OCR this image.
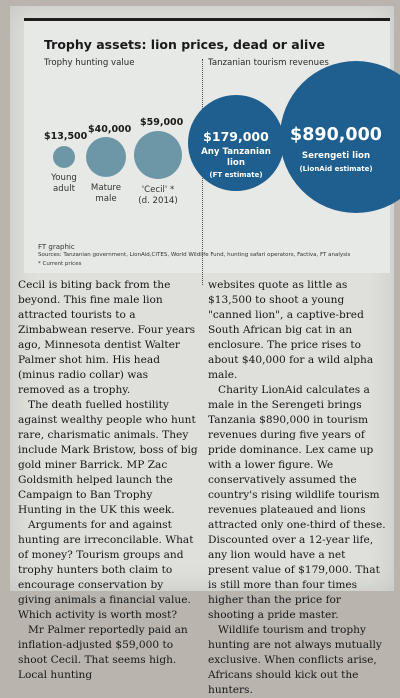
Trophy assets: lion prices, dead or alive
Trophy hunting value	Tanzanian tourism revenues
$13,500
Young
adult
$40,000
Mature
male
$59,000
'Cecil' *
(d. 2014)
$179,000
Any Tanzanian
lion
(FT estimate)
$890,000
Serengeti lion
(LionAid estimate)
FT graphic
Sources: Tanzanian government, LionAid,CITES, World Wildlife Fund, hunting safari operators, Factiva, FT analysis
* Current prices

Cecil is biting back from the beyond. This fine male lion attracted tourists to a Zimbabwean reserve. Four years ago, Minnesota dentist Walter Palmer shot him. His head (minus radio collar) was removed as a trophy.

The death fuelled hostility against wealthy people who hunt rare, charismatic animals. They include Mark Bristow, boss of big gold miner Barrick. MP Zac Goldsmith helped launch the Campaign to Ban Trophy Hunting in the UK this week.

Arguments for and against hunting are irreconcilable. What of money? Tourism groups and trophy hunters both claim to encourage conservation by giving animals a financial value. Which activity is worth most?

Mr Palmer reportedly paid an inflation-adjusted $59,000 to shoot Cecil. That seems high. Local hunting

websites quote as little as $13,500 to shoot a young "canned lion", a captive-bred South African big cat in an enclosure. The price rises to about $40,000 for a wild alpha male.

Charity LionAid calculates a male in the Serengeti brings Tanzania $890,000 in tourism revenues during five years of pride dominance. Lex came up with a lower figure. We conservatively assumed the country's rising wildlife tourism revenues plateaued and lions attracted only one-third of these. Discounted over a 12-year life, any lion would have a net present value of $179,000. That is still more than four times higher than the price for shooting a pride master.

Wildlife tourism and trophy hunting are not always mutually exclusive. When conflicts arise, Africans should kick out the hunters.
